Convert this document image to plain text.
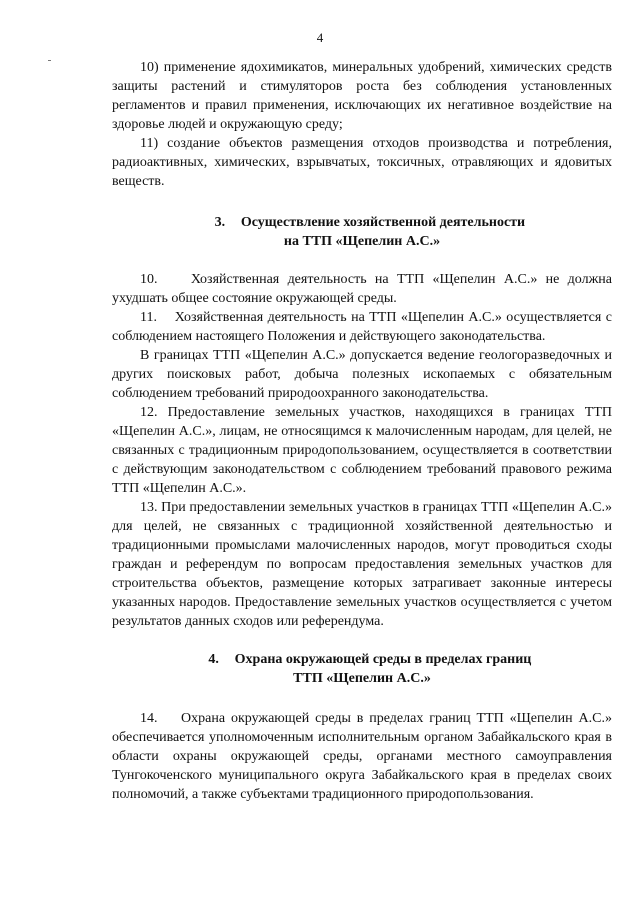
4

10) применение ядохимикатов, минеральных удобрений, химических средств защиты растений и стимуляторов роста без соблюдения установленных регламентов и правил применения, исключающих их негативное воздействие на здоровье людей и окружающую среду;

11) создание объектов размещения отходов производства и потребления, радиоактивных, химических, взрывчатых, токсичных, отравляющих и ядовитых веществ.

3. Осуществление хозяйственной деятельности
на ТТП «Щепелин А.С.»

10.    Хозяйственная деятельность на ТТП «Щепелин А.С.» не должна ухудшать общее состояние окружающей среды.

11.    Хозяйственная деятельность на ТТП «Щепелин А.С.» осуществляется с соблюдением настоящего Положения и действующего законодательства.

В границах ТТП «Щепелин А.С.» допускается ведение геологоразведочных и других поисковых работ, добыча полезных ископаемых с обязательным соблюдением требований природоохранного законодательства.

12. Предоставление земельных участков, находящихся в границах ТТП «Щепелин А.С.», лицам, не относящимся к малочисленным народам, для целей, не связанных с традиционным природопользованием, осуществляется в соответствии с действующим законодательством с соблюдением требований правового режима ТТП «Щепелин А.С.».

13. При предоставлении земельных участков в границах ТТП «Щепелин А.С.» для целей, не связанных с традиционной хозяйственной деятельностью и традиционными промыслами малочисленных народов, могут проводиться сходы граждан и референдум по вопросам предоставления земельных участков для строительства объектов, размещение которых затрагивает законные интересы указанных народов. Предоставление земельных участков осуществляется с учетом результатов данных сходов или референдума.

4. Охрана окружающей среды в пределах границ
ТТП «Щепелин А.С.»

14.    Охрана окружающей среды в пределах границ ТТП «Щепелин А.С.» обеспечивается уполномоченным исполнительным органом Забайкальского края в области охраны окружающей среды, органами местного самоуправления Тунгокоченского муниципального округа Забайкальского края в пределах своих полномочий, а также субъектами традиционного природопользования.
